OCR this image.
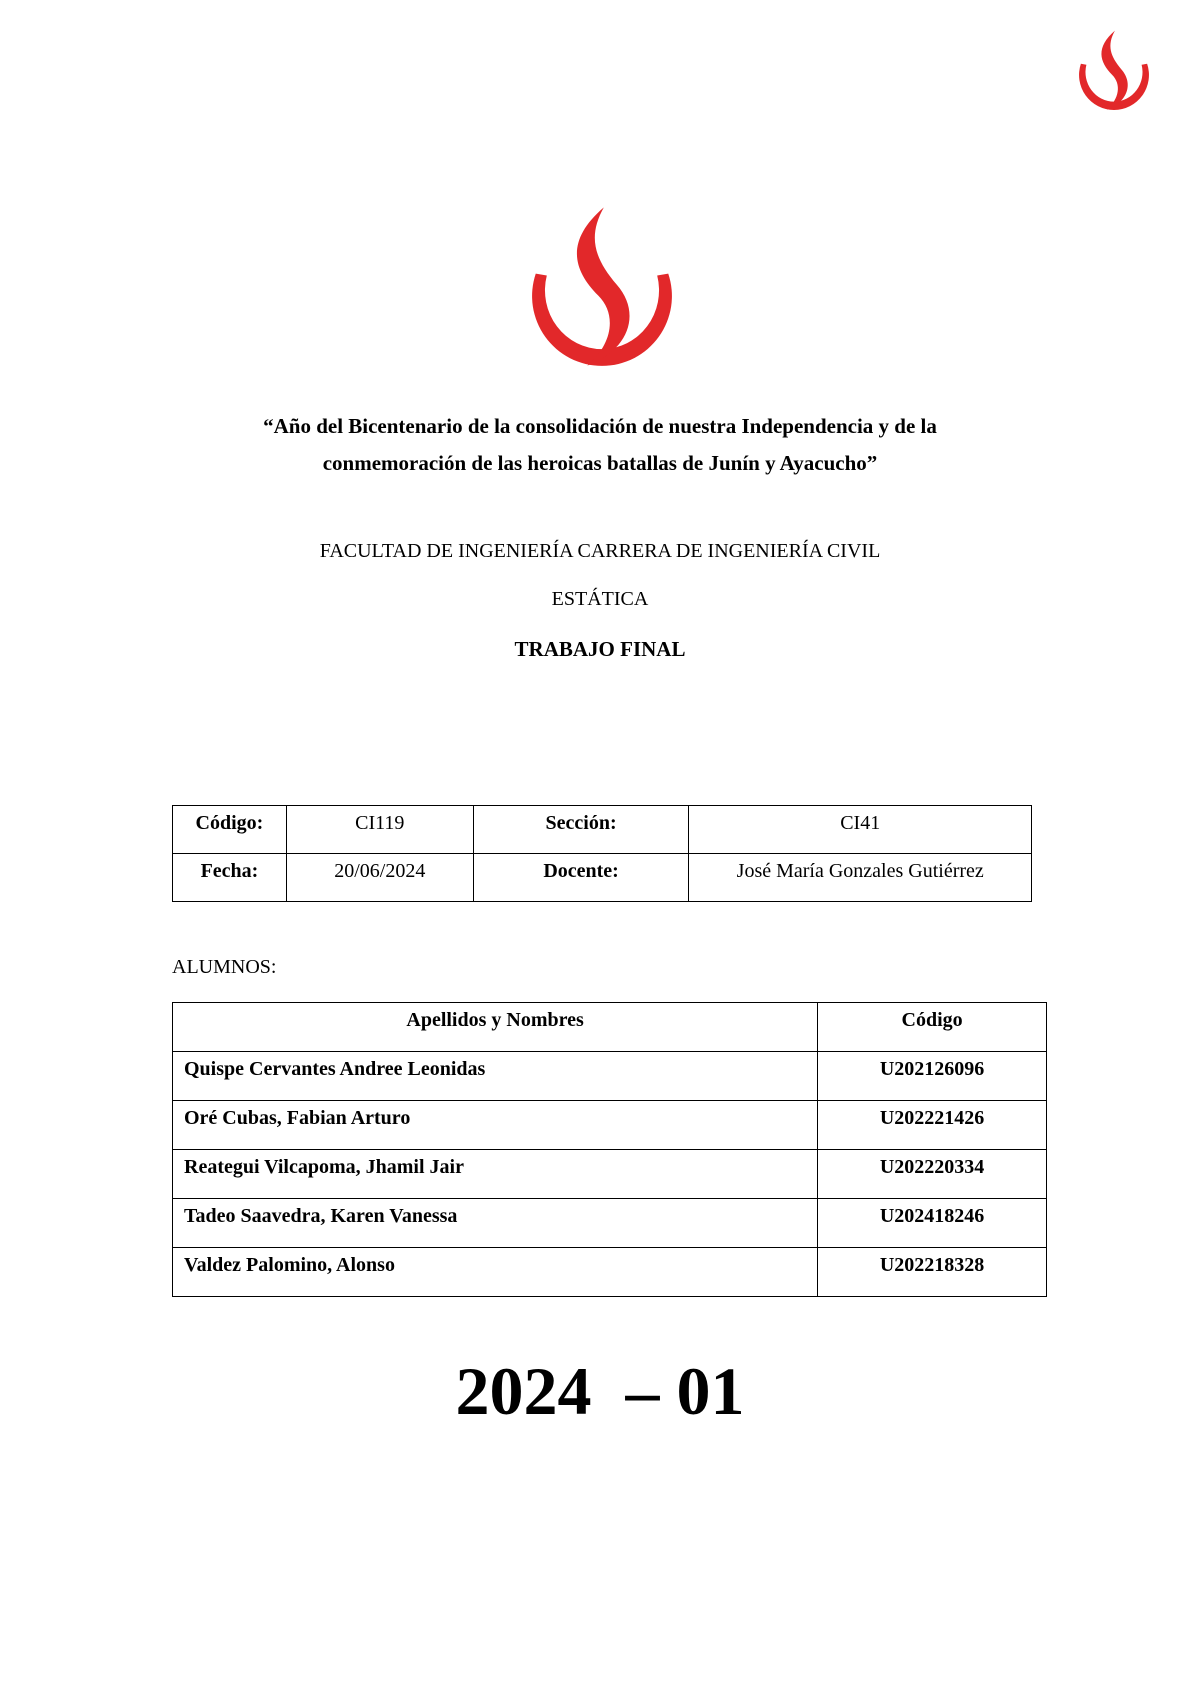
“Año del Bicentenario de la consolidación de nuestra Independencia y de la
conmemoración de las heroicas batallas de Junín y Ayacucho”
FACULTAD DE INGENIERÍA CARRERA DE INGENIERÍA CIVIL
ESTÁTICA
TRABAJO FINAL
Código:	CI119	Sección:	CI41
Fecha:	20/06/2024	Docente:	José María Gonzales Gutiérrez
ALUMNOS:
Apellidos y Nombres	Código
Quispe Cervantes Andree Leonidas	U202126096
Oré Cubas, Fabian Arturo	U202221426
Reategui Vilcapoma, Jhamil Jair	U202220334
Tadeo Saavedra, Karen Vanessa	U202418246
Valdez Palomino, Alonso	U202218328
2024  – 01
